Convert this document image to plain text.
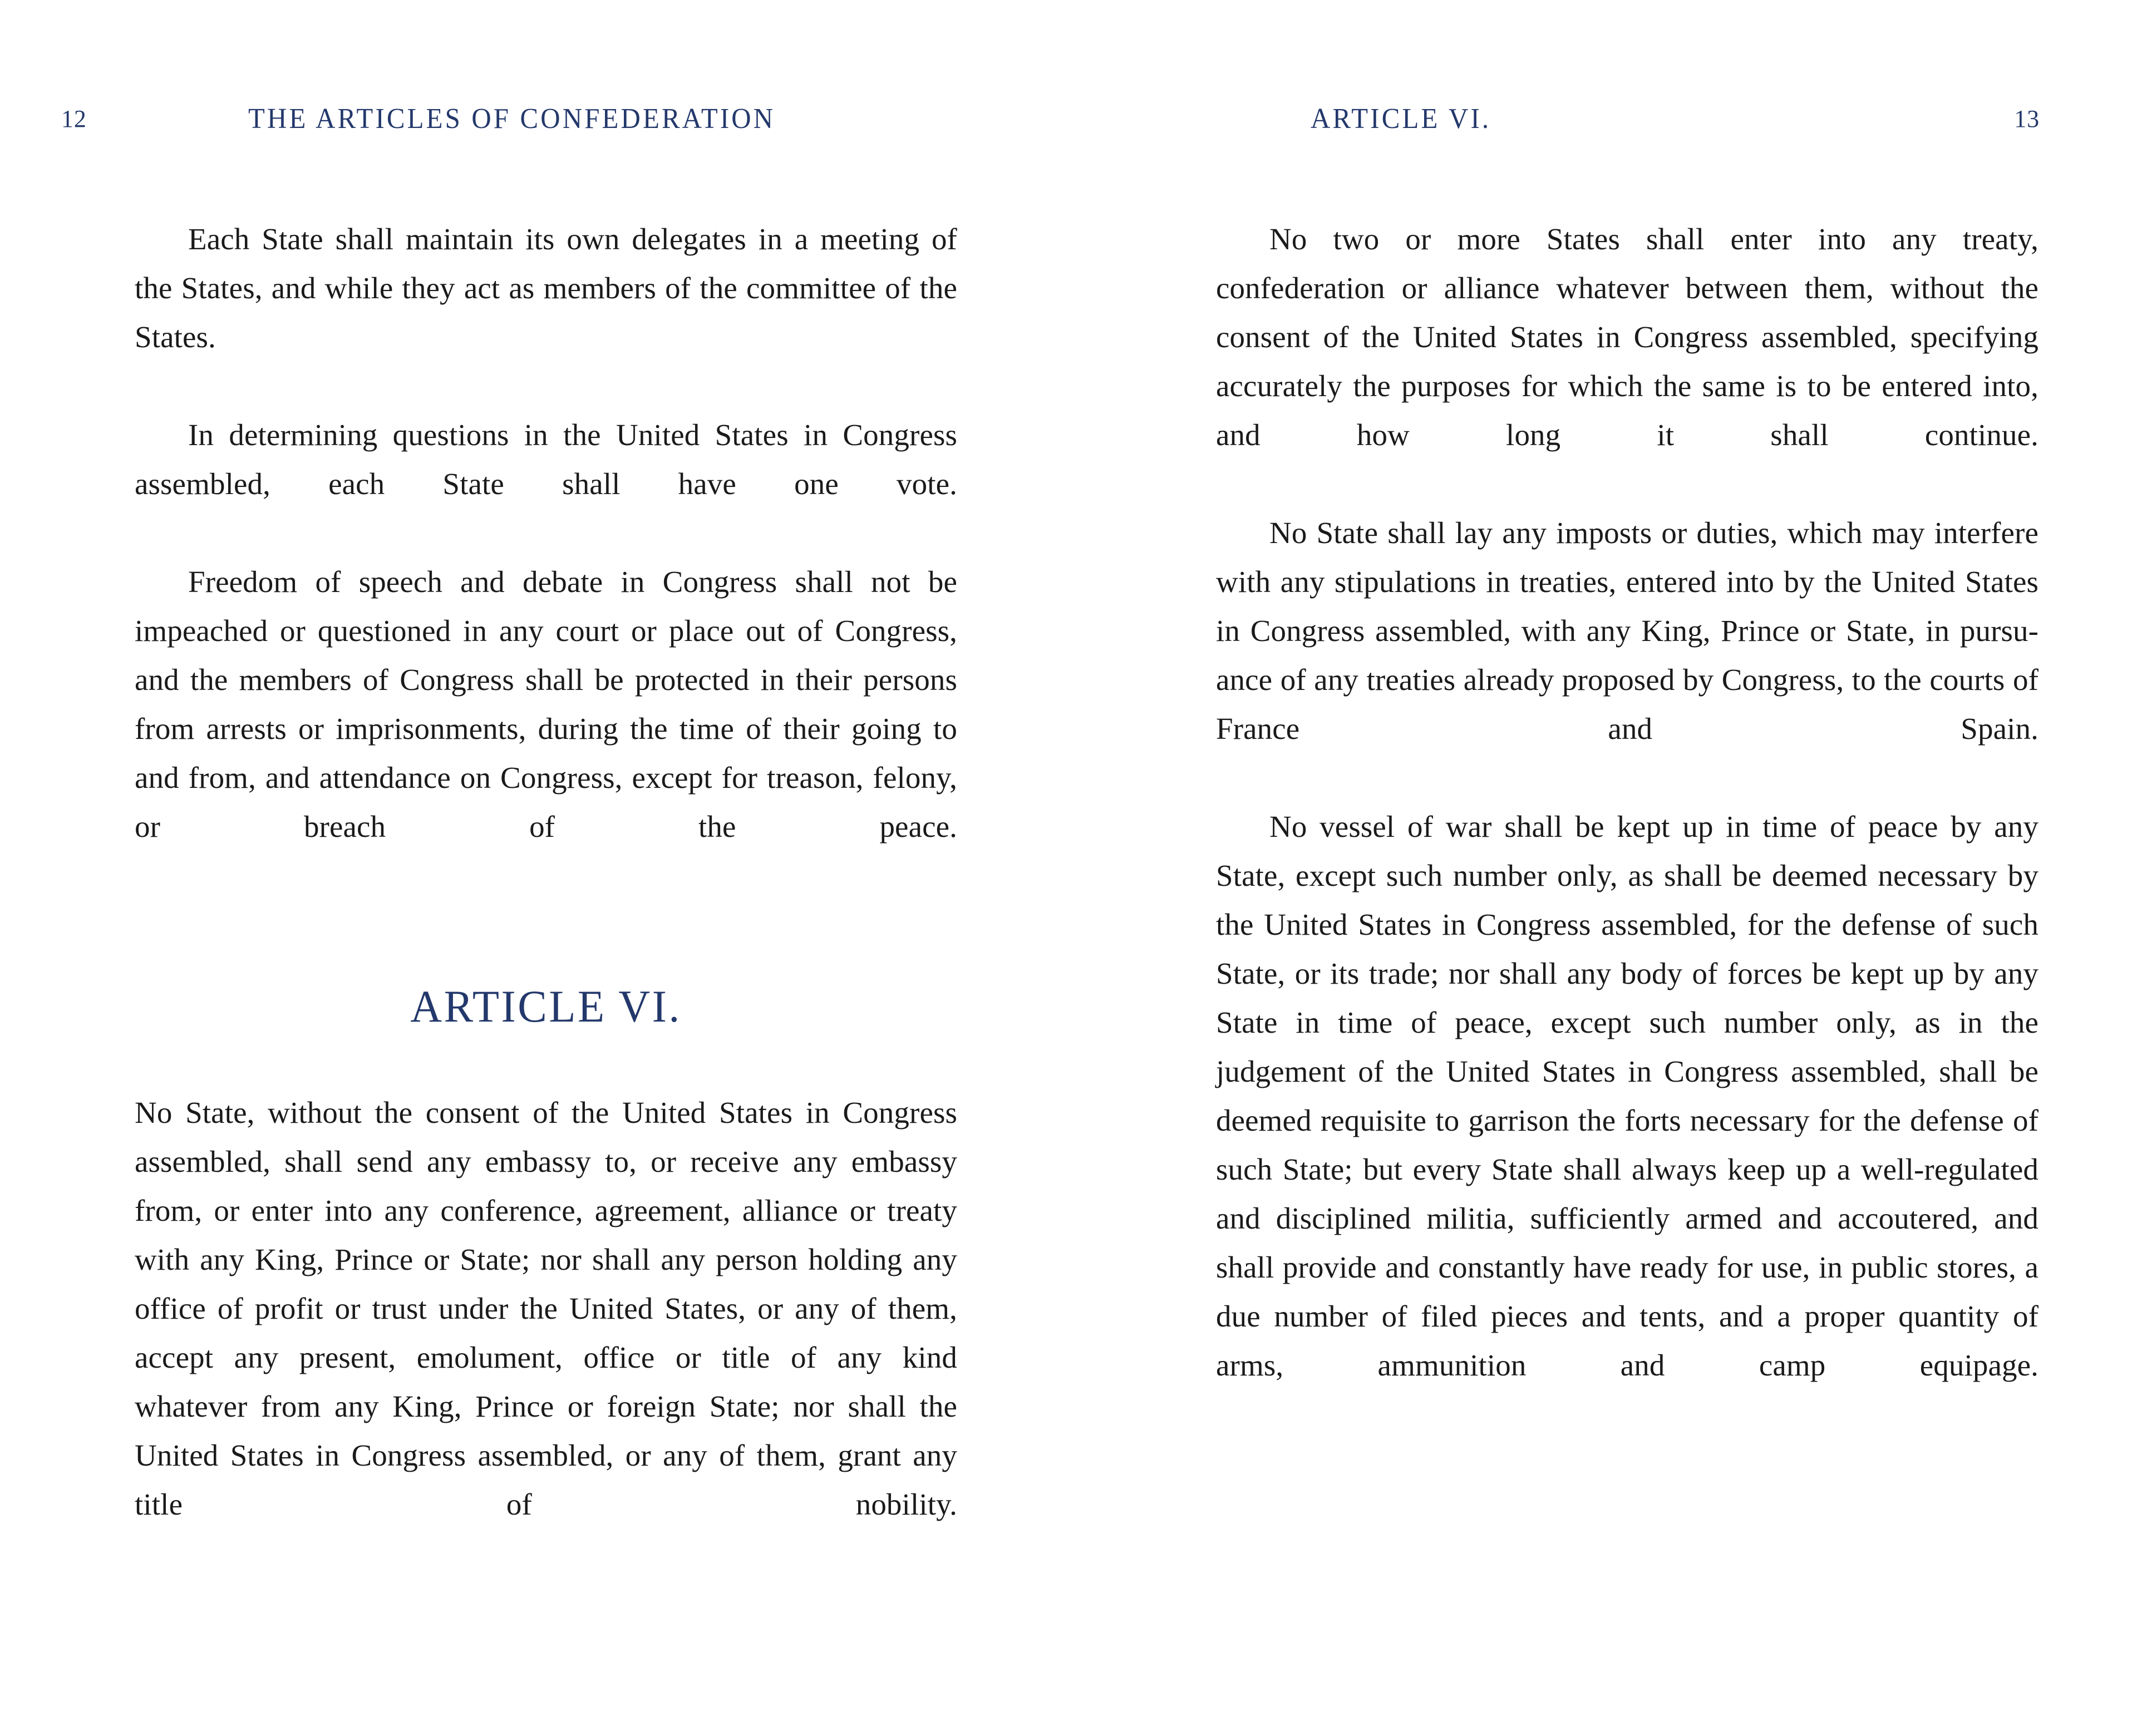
12	THE ARTICLES OF CONFEDERATION	ARTICLE VI.	13

Each State shall maintain its own delegates in a meeting of the States, and while they act as members of the committee of the States.

In determining questions in the United States in Congress assembled, each State shall have one vote.

Freedom of speech and debate in Congress shall not be impeached or questioned in any court or place out of Congress, and the members of Congress shall be protected in their persons from arrests or imprisonments, during the time of their going to and from, and attendance on Congress, except for treason, felony, or breach of the peace.

ARTICLE VI.

No State, without the consent of the United States in Congress assembled, shall send any embassy to, or receive any embassy from, or enter into any conference, agreement, alliance or treaty with any King, Prince or State; nor shall any person holding any office of profit or trust under the United States, or any of them, accept any present, emolument, office or title of any kind whatever from any King, Prince or foreign State; nor shall the United States in Congress assembled, or any of them, grant any title of nobility.

No two or more States shall enter into any treaty, confederation or alliance whatever between them, without the consent of the United States in Congress assembled, specifying accurately the purposes for which the same is to be entered into, and how long it shall continue.

No State shall lay any imposts or duties, which may interfere with any stipulations in treaties, entered into by the United States in Congress assembled, with any King, Prince or State, in pursuance of any treaties already proposed by Congress, to the courts of France and Spain.

No vessel of war shall be kept up in time of peace by any State, except such number only, as shall be deemed necessary by the United States in Congress assembled, for the defense of such State, or its trade; nor shall any body of forces be kept up by any State in time of peace, except such number only, as in the judgement of the United States in Congress assembled, shall be deemed requisite to garrison the forts necessary for the defense of such State; but every State shall always keep up a well-regulated and disciplined militia, sufficiently armed and accoutered, and shall provide and constantly have ready for use, in public stores, a due number of filed pieces and tents, and a proper quantity of arms, ammunition and camp equipage.
